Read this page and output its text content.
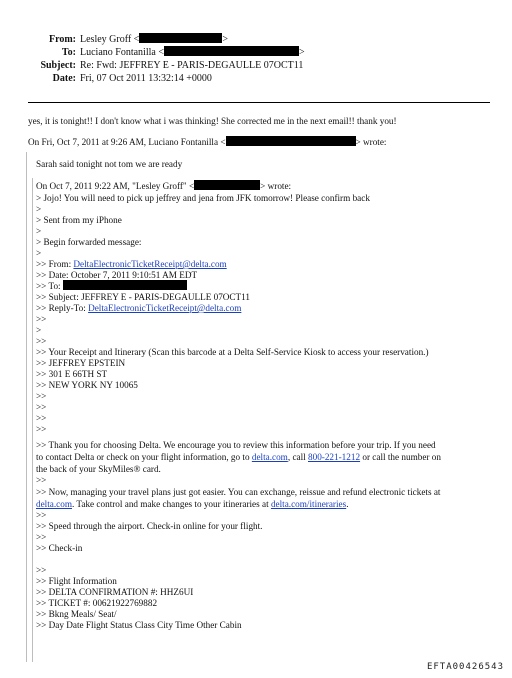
From: Lesley Groff <	>
To: Luciano Fontanilla <	>
Subject: Re: Fwd: JEFFREY E - PARIS-DEGAULLE 07OCT11
Date: Fri, 07 Oct 2011 13:32:14 +0000
yes, it is tonight!! I don't know what i was thinking! She corrected me in the next email!! thank you!
On Fri, Oct 7, 2011 at 9:26 AM, Luciano Fontanilla <	> wrote:
Sarah said tonight not tom we are ready
On Oct 7, 2011 9:22 AM, "Lesley Groff" <	> wrote:
> Jojo! You will need to pick up jeffrey and jena from JFK tomorrow! Please confirm back
>
> Sent from my iPhone
>
> Begin forwarded message:
>
>> From: DeltaElectronicTicketReceipt@delta.com
>> Date: October 7, 2011 9:10:51 AM EDT
>> To:
>> Subject: JEFFREY E - PARIS-DEGAULLE 07OCT11
>> Reply-To: DeltaElectronicTicketReceipt@delta.com
>>
>
>>
>> Your Receipt and Itinerary (Scan this barcode at a Delta Self-Service Kiosk to access your reservation.)
>> JEFFREY EPSTEIN
>> 301 E 66TH ST
>> NEW YORK NY 10065
>>
>>
>>
>>
>> Thank you for choosing Delta. We encourage you to review this information before your trip. If you need
to contact Delta or check on your flight information, go to delta.com, call 800-221-1212 or call the number on
the back of your SkyMiles® card.
>>
>> Now, managing your travel plans just got easier. You can exchange, reissue and refund electronic tickets at
delta.com. Take control and make changes to your itineraries at delta.com/itineraries.
>>
>> Speed through the airport. Check-in online for your flight.
>>
>> Check-in
>>
>> Flight Information
>> DELTA CONFIRMATION #: HHZ6UI
>> TICKET #: 00621922769882
>> Bkng Meals/ Seat/
>> Day Date Flight Status Class City Time Other Cabin
EFTA00426543
